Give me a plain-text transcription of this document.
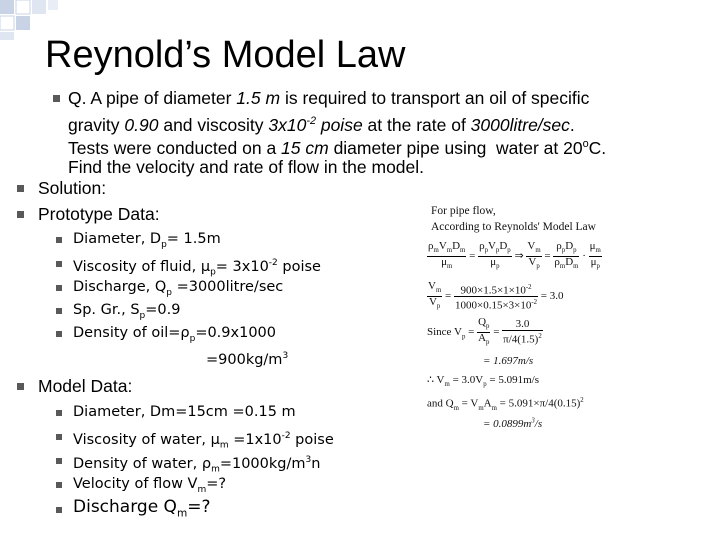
Reynold’s Model Law
Q. A pipe of diameter 1.5 m is required to transport an oil of specific
gravity 0.90 and viscosity $3x10^{-2}$ poise at the rate of 3000litre/sec.
Tests were conducted on a 15 cm diameter pipe using  water at 20$^o$C.
Find the velocity and rate of flow in the model.
Solution:
Prototype Data:
Diameter, $D_p= 1.5m$
Viscosity of fluid, $\mu_p= 3x10^{-2}$ poise
Discharge, $Q_p$ =3000litre/sec
Sp. Gr., $S_p=0.9$
Density of $oil=\rho_p=0.9x1000$
$=900kg/m^3$
Model Data:
Diameter, Dm=15cm =0.15 m
Viscosity of water, $\mu_m =1x10^{-2}$ poise
Density of water, $\rho_m=1000kg/m^3n$
Velocity of flow $V_m=$?
Discharge $Q_m=$?
For pipe flow,
According to Reynolds' Model Law
$\frac{\rho_mV_mD_m}{\mu_m} = \frac{\rho_pV_pD_p}{\mu_p}$ ⇒ $\frac{V_m}{V_p} = \frac{\rho_pD_p}{\rho_mD_m} \cdot \frac{\mu_m}{\mu_p}$
$\frac{V_m}{V_p} = \frac{900\times 1.5\times 1\times 10^{-2}}{1000\times 0.15\times 3\times 10^{-2}} = 3.0$
Since $V_p = \frac{Q_p}{A_p} = \frac{3.0}{\pi/4(1.5)^2}$
= 1.697m/s
∴ $V_m = 3.0V_p = 5.091m/s$
and $Q_m = V_mA_m = 5.091\times\pi/4(0.15)^2$
= $0.0899m^3/s$
